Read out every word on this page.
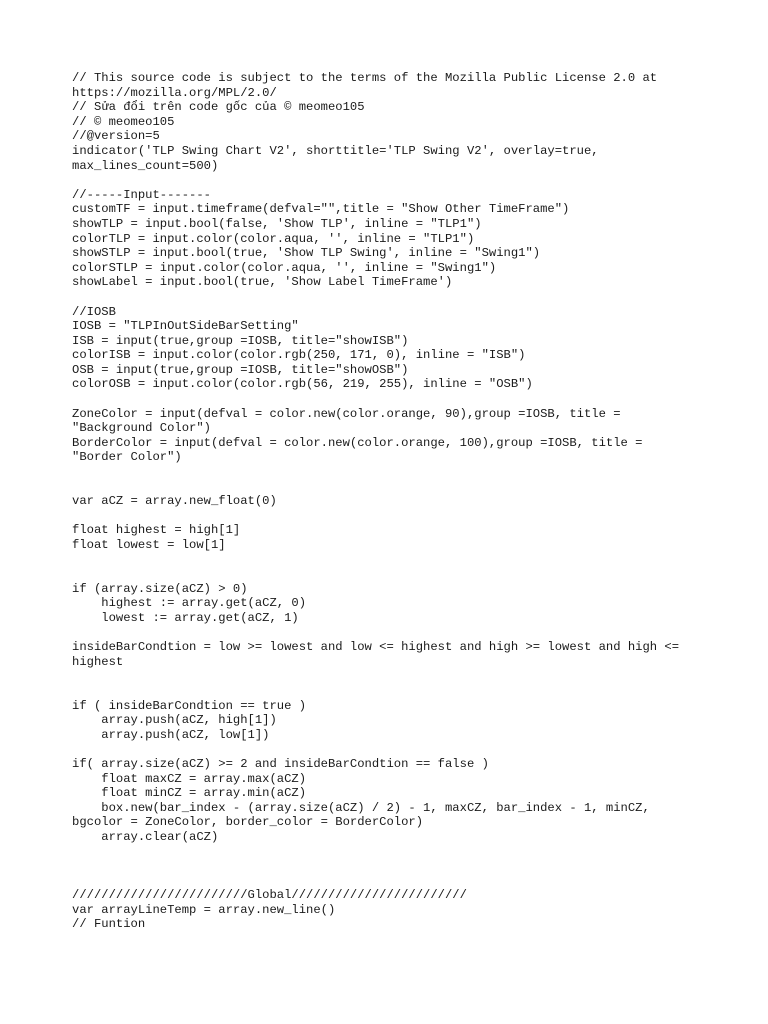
// This source code is subject to the terms of the Mozilla Public License 2.0 at
https://mozilla.org/MPL/2.0/
// Sửa đổi trên code gốc của © meomeo105
// © meomeo105
//@version=5
indicator('TLP Swing Chart V2', shorttitle='TLP Swing V2', overlay=true,
max_lines_count=500)
//-----Input-------
customTF = input.timeframe(defval="",title = "Show Other TimeFrame")
showTLP = input.bool(false, 'Show TLP', inline = "TLP1")
colorTLP = input.color(color.aqua, '', inline = "TLP1")
showSTLP = input.bool(true, 'Show TLP Swing', inline = "Swing1")
colorSTLP = input.color(color.aqua, '', inline = "Swing1")
showLabel = input.bool(true, 'Show Label TimeFrame')
//IOSB
IOSB = "TLPInOutSideBarSetting"
ISB = input(true,group =IOSB, title="showISB")
colorISB = input.color(color.rgb(250, 171, 0), inline = "ISB")
OSB = input(true,group =IOSB, title="showOSB")
colorOSB = input.color(color.rgb(56, 219, 255), inline = "OSB")
ZoneColor = input(defval = color.new(color.orange, 90),group =IOSB, title =
"Background Color")
BorderColor = input(defval = color.new(color.orange, 100),group =IOSB, title =
"Border Color")
var aCZ = array.new_float(0)
float highest = high[1]
float lowest = low[1]
if (array.size(aCZ) > 0)
highest := array.get(aCZ, 0)
lowest := array.get(aCZ, 1)
insideBarCondtion = low >= lowest and low <= highest and high >= lowest and high <=
highest
if ( insideBarCondtion == true )
array.push(aCZ, high[1])
array.push(aCZ, low[1])
if( array.size(aCZ) >= 2 and insideBarCondtion == false )
float maxCZ = array.max(aCZ)
float minCZ = array.min(aCZ)
box.new(bar_index - (array.size(aCZ) / 2) - 1, maxCZ, bar_index - 1, minCZ,
bgcolor = ZoneColor, border_color = BorderColor)
array.clear(aCZ)
////////////////////////Global////////////////////////
var arrayLineTemp = array.new_line()
// Funtion
